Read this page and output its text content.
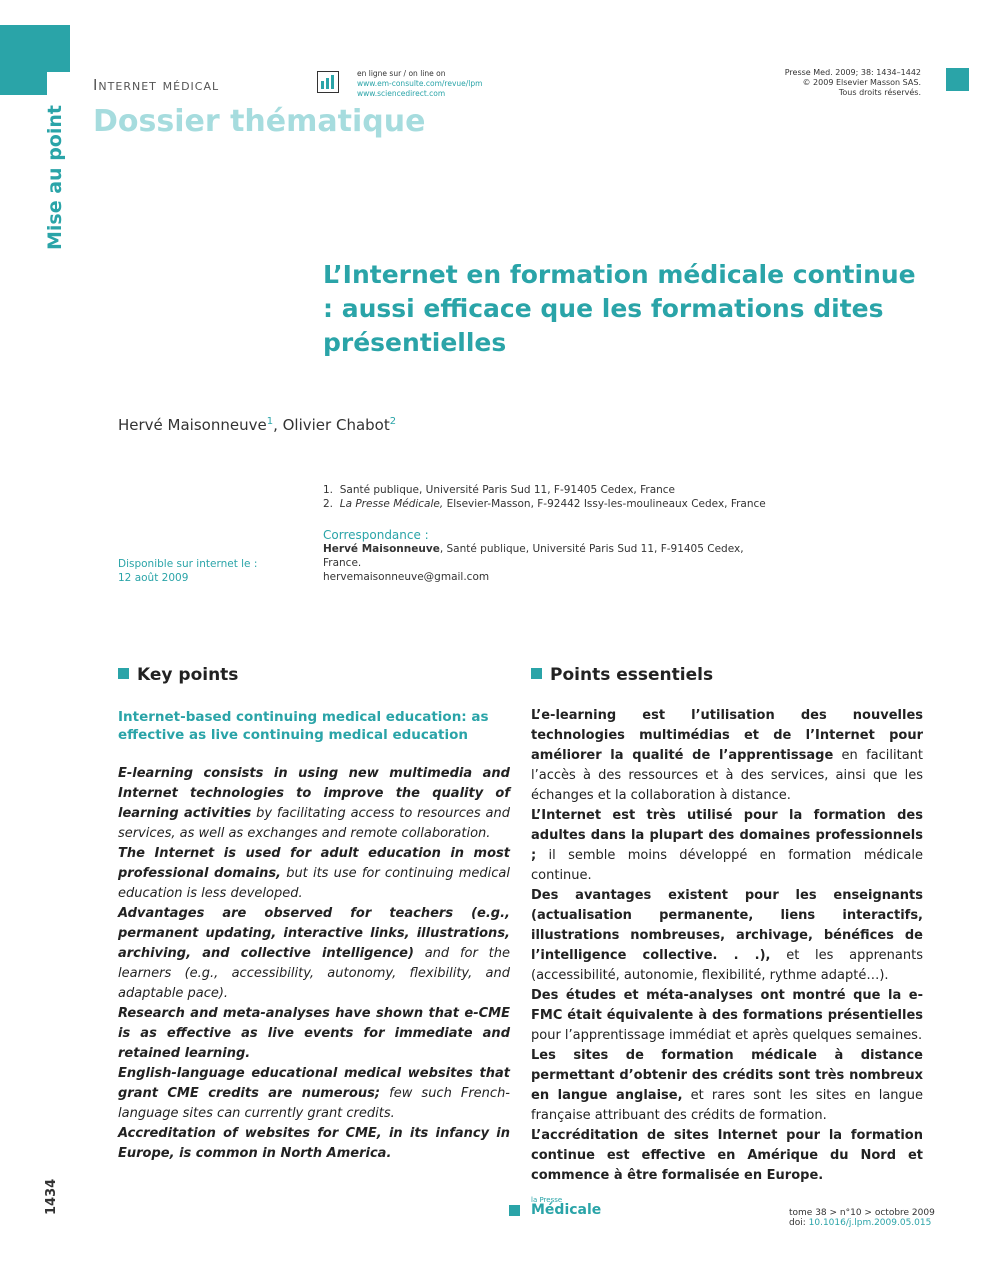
Internet médical
Dossier thématique
Mise au point
en ligne sur / on line on
www.em-consulte.com/revue/lpm
www.sciencedirect.com
Presse Med. 2009; 38: 1434–1442
© 2009 Elsevier Masson SAS.
Tous droits réservés.
L’Internet en formation médicale continue : aussi efficace que les formations dites présentielles
Hervé Maisonneuve$^1$, Olivier Chabot$^2$
1. Santé publique, Université Paris Sud 11, F-91405 Cedex, France
2. La Presse Médicale, Elsevier-Masson, F-92442 Issy-les-moulineaux Cedex, France
Correspondance :
Hervé Maisonneuve, Santé publique, Université Paris Sud 11, F-91405 Cedex,
France.
hervemaisonneuve@gmail.com
Disponible sur internet le :
12 août 2009
Key points
Internet-based continuing medical education: as effective as live continuing medical education

E-learning consists in using new multimedia and Internet technologies to improve the quality of learning activities by facilitating access to resources and services, as well as exchanges and remote collaboration.

The Internet is used for adult education in most professional domains, but its use for continuing medical education is less developed.

Advantages are observed for teachers (e.g., permanent updating, interactive links, illustrations, archiving, and collective intelligence) and for the learners (e.g., accessibility, autonomy, flexibility, and adaptable pace).

Research and meta-analyses have shown that e-CME is as effective as live events for immediate and retained learning.

English-language educational medical websites that grant CME credits are numerous; few such French-language sites can currently grant credits.

Accreditation of websites for CME, in its infancy in Europe, is common in North America.

Points essentiels

L’e-learning est l’utilisation des nouvelles technologies multimédias et de l’Internet pour améliorer la qualité de l’apprentissage en facilitant l’accès à des ressources et à des services, ainsi que les échanges et la collaboration à distance.

L’Internet est très utilisé pour la formation des adultes dans la plupart des domaines professionnels ; il semble moins développé en formation médicale continue.

Des avantages existent pour les enseignants (actualisation permanente, liens interactifs, illustrations nombreuses, archivage, bénéfices de l’intelligence collective. . .), et les apprenants (accessibilité, autonomie, flexibilité, rythme adapté…).

Des études et méta-analyses ont montré que la e-FMC était équivalente à des formations présentielles pour l’apprentissage immédiat et après quelques semaines.

Les sites de formation médicale à distance permettant d’obtenir des crédits sont très nombreux en langue anglaise, et rares sont les sites en langue française attribuant des crédits de formation.

L’accréditation de sites Internet pour la formation continue est effective en Amérique du Nord et commence à être formalisée en Europe.

1434	la Presse
Médicale	tome 38 > n°10 > octobre 2009
doi: 10.1016/j.lpm.2009.05.015
